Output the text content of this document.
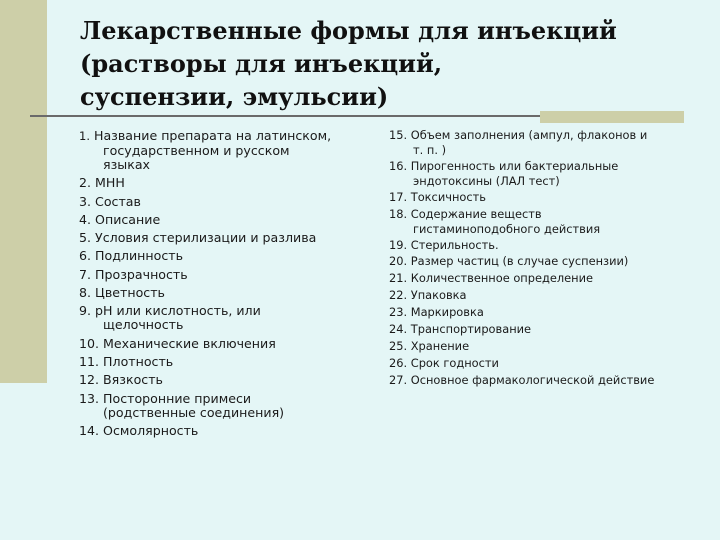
Лекарственные формы для инъекций
(растворы для инъекций,
суспензии, эмульсии)
1. Название препарата на латинском,
государственном и русском
языках
2. МНН
3. Состав
4. Описание
5. Условия стерилизации и разлива
6. Подлинность
7. Прозрачность
8. Цветность
9. рН или кислотность, или
щелочность
10. Механические включения
11. Плотность
12. Вязкость
13. Посторонние примеси
(родственные соединения)
14. Осмолярность
15. Объем заполнения (ампул, флаконов и
т. п. )
16. Пирогенность или бактериальные
эндотоксины (ЛАЛ тест)
17. Токсичность
18. Содержание веществ
гистаминоподобного действия
19. Стерильность.
20. Размер частиц (в случае суспензии)
21. Количественное определение
22. Упаковка
23. Маркировка
24. Транспортирование
25. Хранение
26. Срок годности
27. Основное фармакологической действие
